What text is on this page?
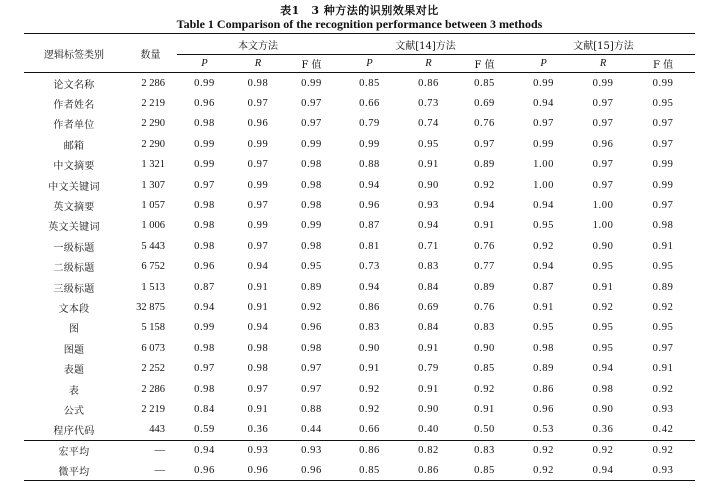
表1　3 种方法的识别效果对比
Table 1 Comparison of the recognition performance between 3 methods
逻辑标签类别	数量	本文方法			文献[14]方法			文献[15]方法		
		P	R	F 值	P	R	F 值	P	R	F 值
论文名称	2 286	0.99	0.98	0.99	0.85	0.86	0.85	0.99	0.99	0.99
作者姓名	2 219	0.96	0.97	0.97	0.66	0.73	0.69	0.94	0.97	0.95
作者单位	2 290	0.98	0.96	0.97	0.79	0.74	0.76	0.97	0.97	0.97
邮箱	2 290	0.99	0.99	0.99	0.99	0.95	0.97	0.99	0.96	0.97
中文摘要	1 321	0.99	0.97	0.98	0.88	0.91	0.89	1.00	0.97	0.99
中文关键词	1 307	0.97	0.99	0.98	0.94	0.90	0.92	1.00	0.97	0.99
英文摘要	1 057	0.98	0.97	0.98	0.96	0.93	0.94	0.94	1.00	0.97
英文关键词	1 006	0.98	0.99	0.99	0.87	0.94	0.91	0.95	1.00	0.98
一级标题	5 443	0.98	0.97	0.98	0.81	0.71	0.76	0.92	0.90	0.91
二级标题	6 752	0.96	0.94	0.95	0.73	0.83	0.77	0.94	0.95	0.95
三级标题	1 513	0.87	0.91	0.89	0.94	0.84	0.89	0.87	0.91	0.89
文本段	32 875	0.94	0.91	0.92	0.86	0.69	0.76	0.91	0.92	0.92
图	5 158	0.99	0.94	0.96	0.83	0.84	0.83	0.95	0.95	0.95
图题	6 073	0.98	0.98	0.98	0.90	0.91	0.90	0.98	0.95	0.97
表题	2 252	0.97	0.98	0.97	0.91	0.79	0.85	0.89	0.94	0.91
表	2 286	0.98	0.97	0.97	0.92	0.91	0.92	0.86	0.98	0.92
公式	2 219	0.84	0.91	0.88	0.92	0.90	0.91	0.96	0.90	0.93
程序代码	443	0.59	0.36	0.44	0.66	0.40	0.50	0.53	0.36	0.42
宏平均	—	0.94	0.93	0.93	0.86	0.82	0.83	0.92	0.92	0.92
微平均	—	0.96	0.96	0.96	0.85	0.86	0.85	0.92	0.94	0.93
